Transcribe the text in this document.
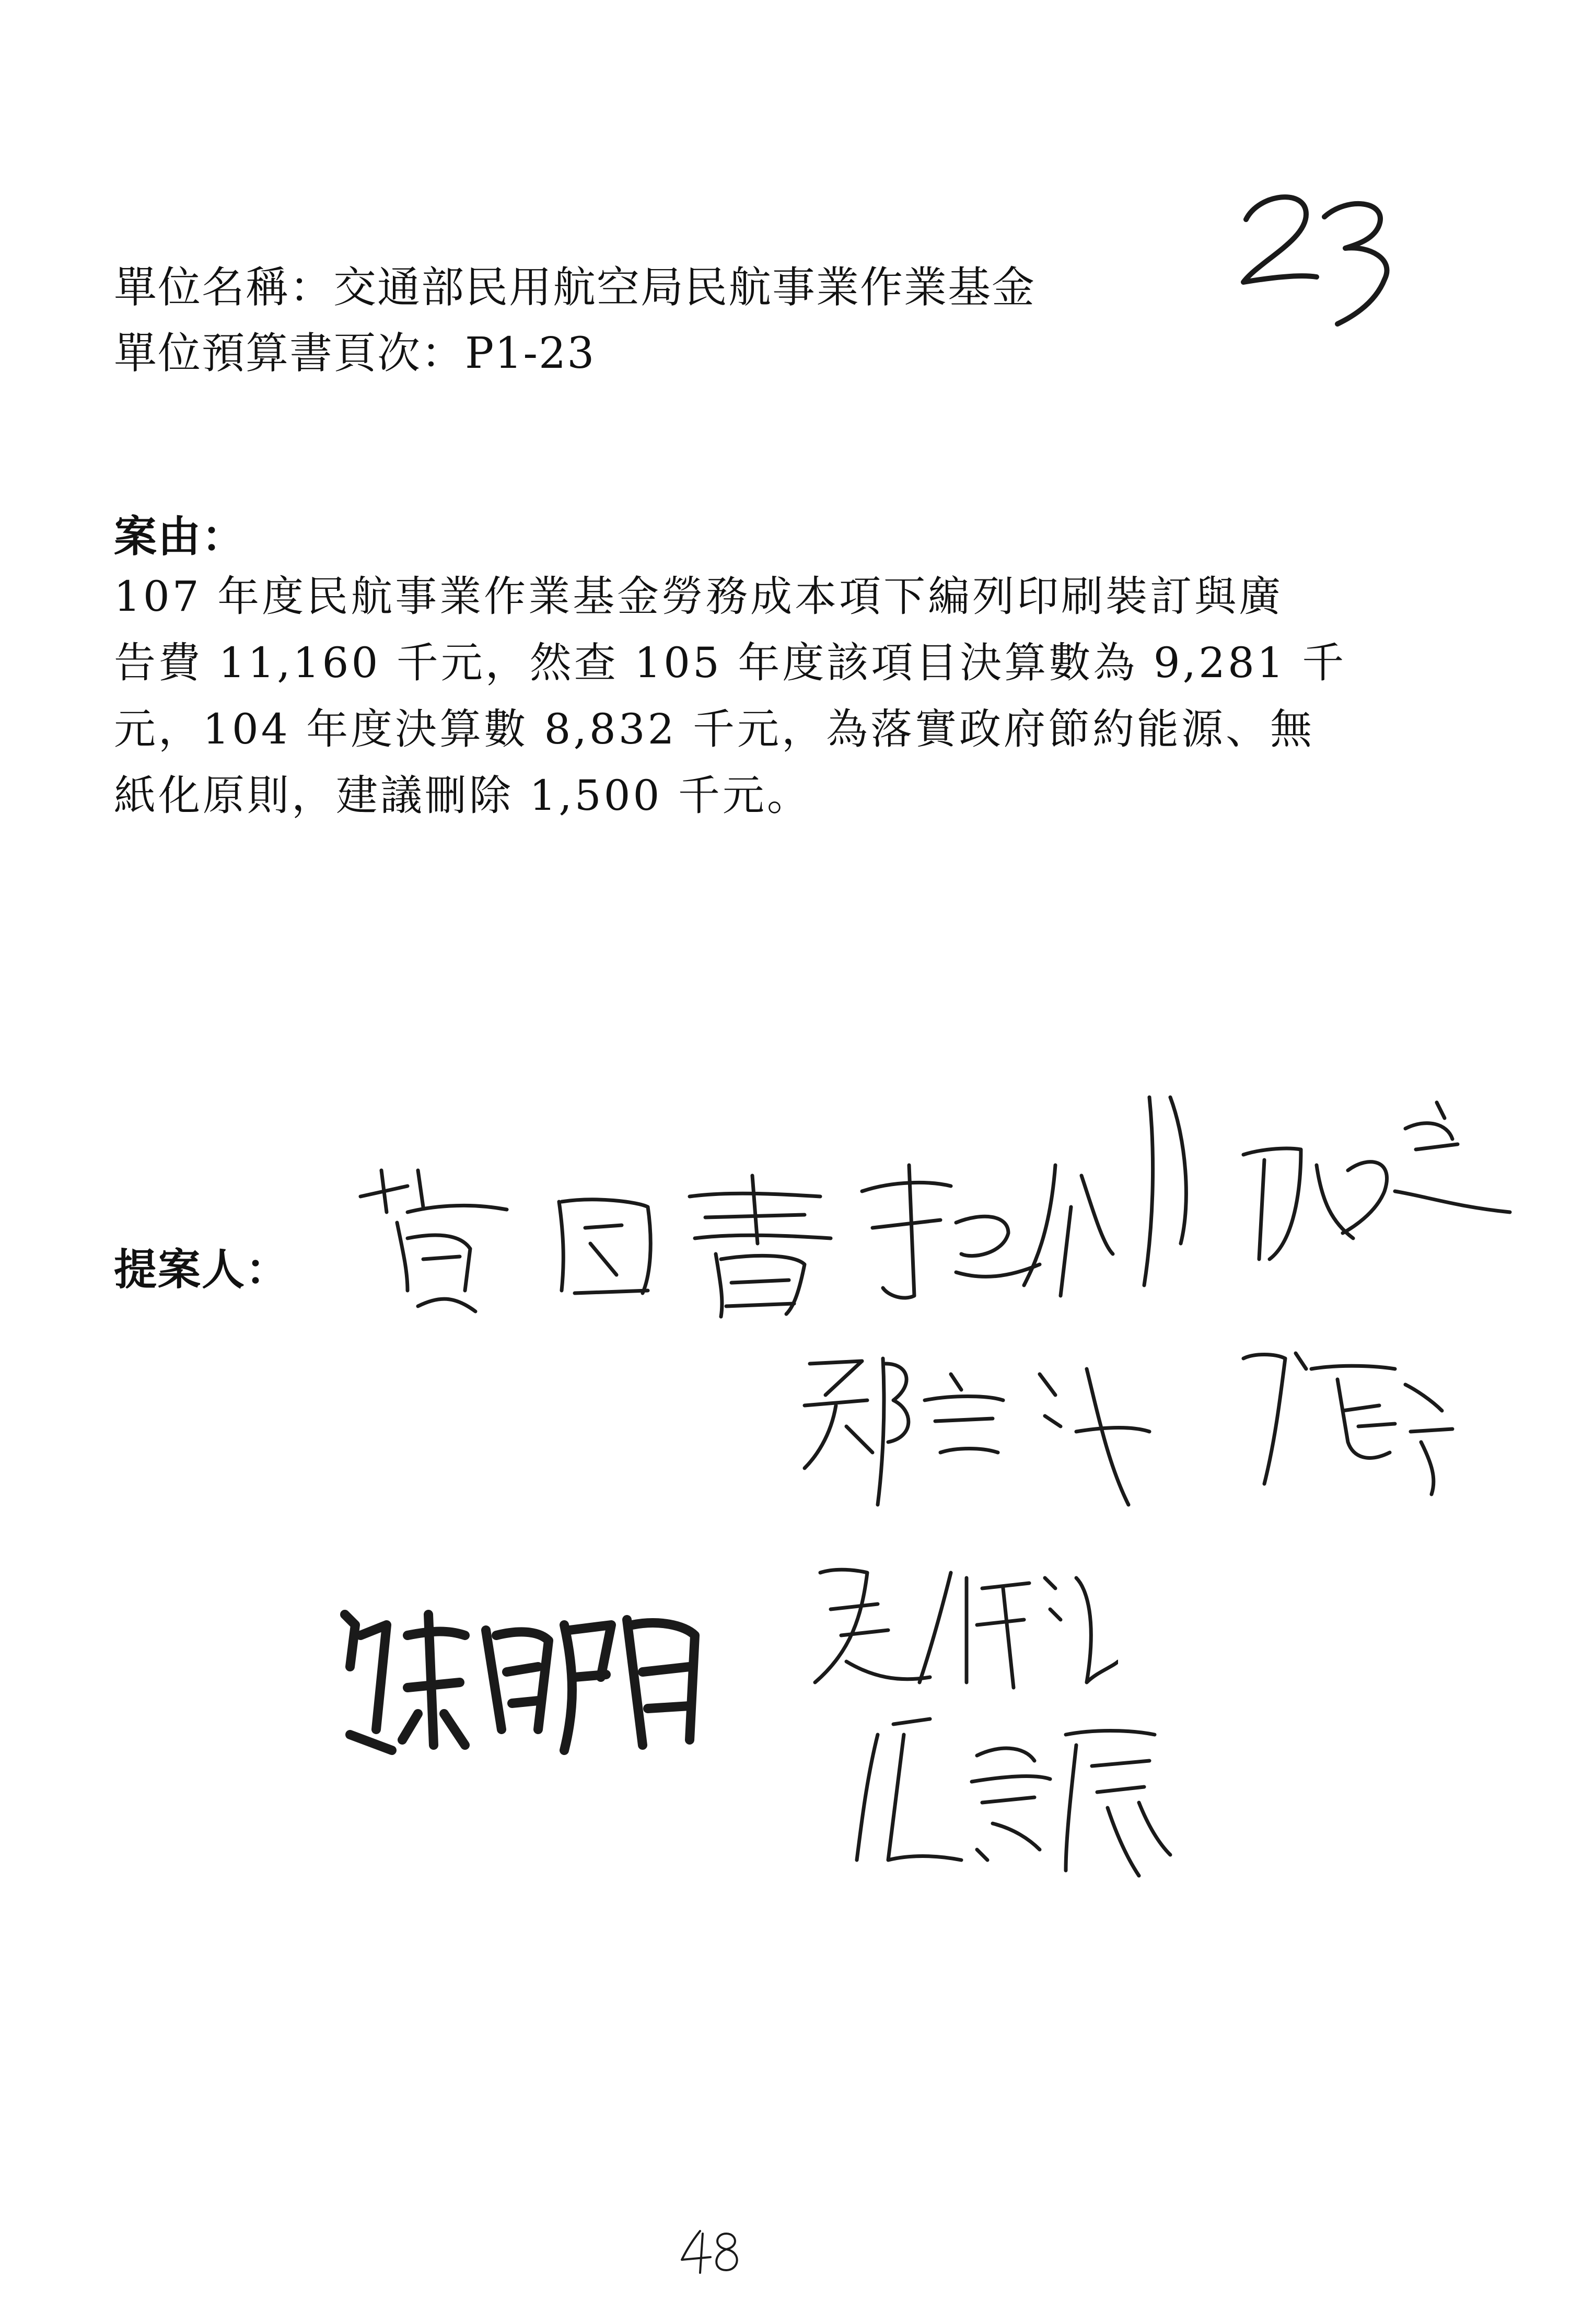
單位名稱：交通部民用航空局民航事業作業基金
單位預算書頁次：P1-23
案由：
107 年度民航事業作業基金勞務成本項下編列印刷裝訂與廣
告費 11,160 千元，然查 105 年度該項目決算數為 9,281 千
元，104 年度決算數 8,832 千元，為落實政府節約能源、無
紙化原則，建議刪除 1,500 千元。
提案人：
